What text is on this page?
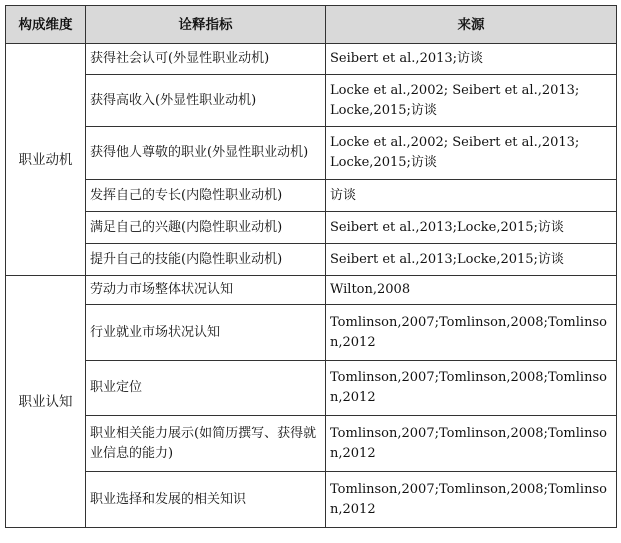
构成维度	诠释指标	来源
职业动机	获得社会认可(外显性职业动机)	Seibert et al.,2013;访谈
	获得高收入(外显性职业动机)	Locke et al.,2002; Seibert et al.,2013; Locke,2015;访谈
	获得他人尊敬的职业(外显性职业动机)	Locke et al.,2002; Seibert et al.,2013; Locke,2015;访谈
	发挥自己的专长(内隐性职业动机)	访谈
	满足自己的兴趣(内隐性职业动机)	Seibert et al.,2013;Locke,2015;访谈
	提升自己的技能(内隐性职业动机)	Seibert et al.,2013;Locke,2015;访谈
职业认知	劳动力市场整体状况认知	Wilton,2008
	行业就业市场状况认知	Tomlinson,2007;Tomlinson,2008;Tomlinson,2012
	职业定位	Tomlinson,2007;Tomlinson,2008;Tomlinson,2012
	职业相关能力展示(如简历撰写、获得就业信息的能力)	Tomlinson,2007;Tomlinson,2008;Tomlinson,2012
	职业选择和发展的相关知识	Tomlinson,2007;Tomlinson,2008;Tomlinson,2012
